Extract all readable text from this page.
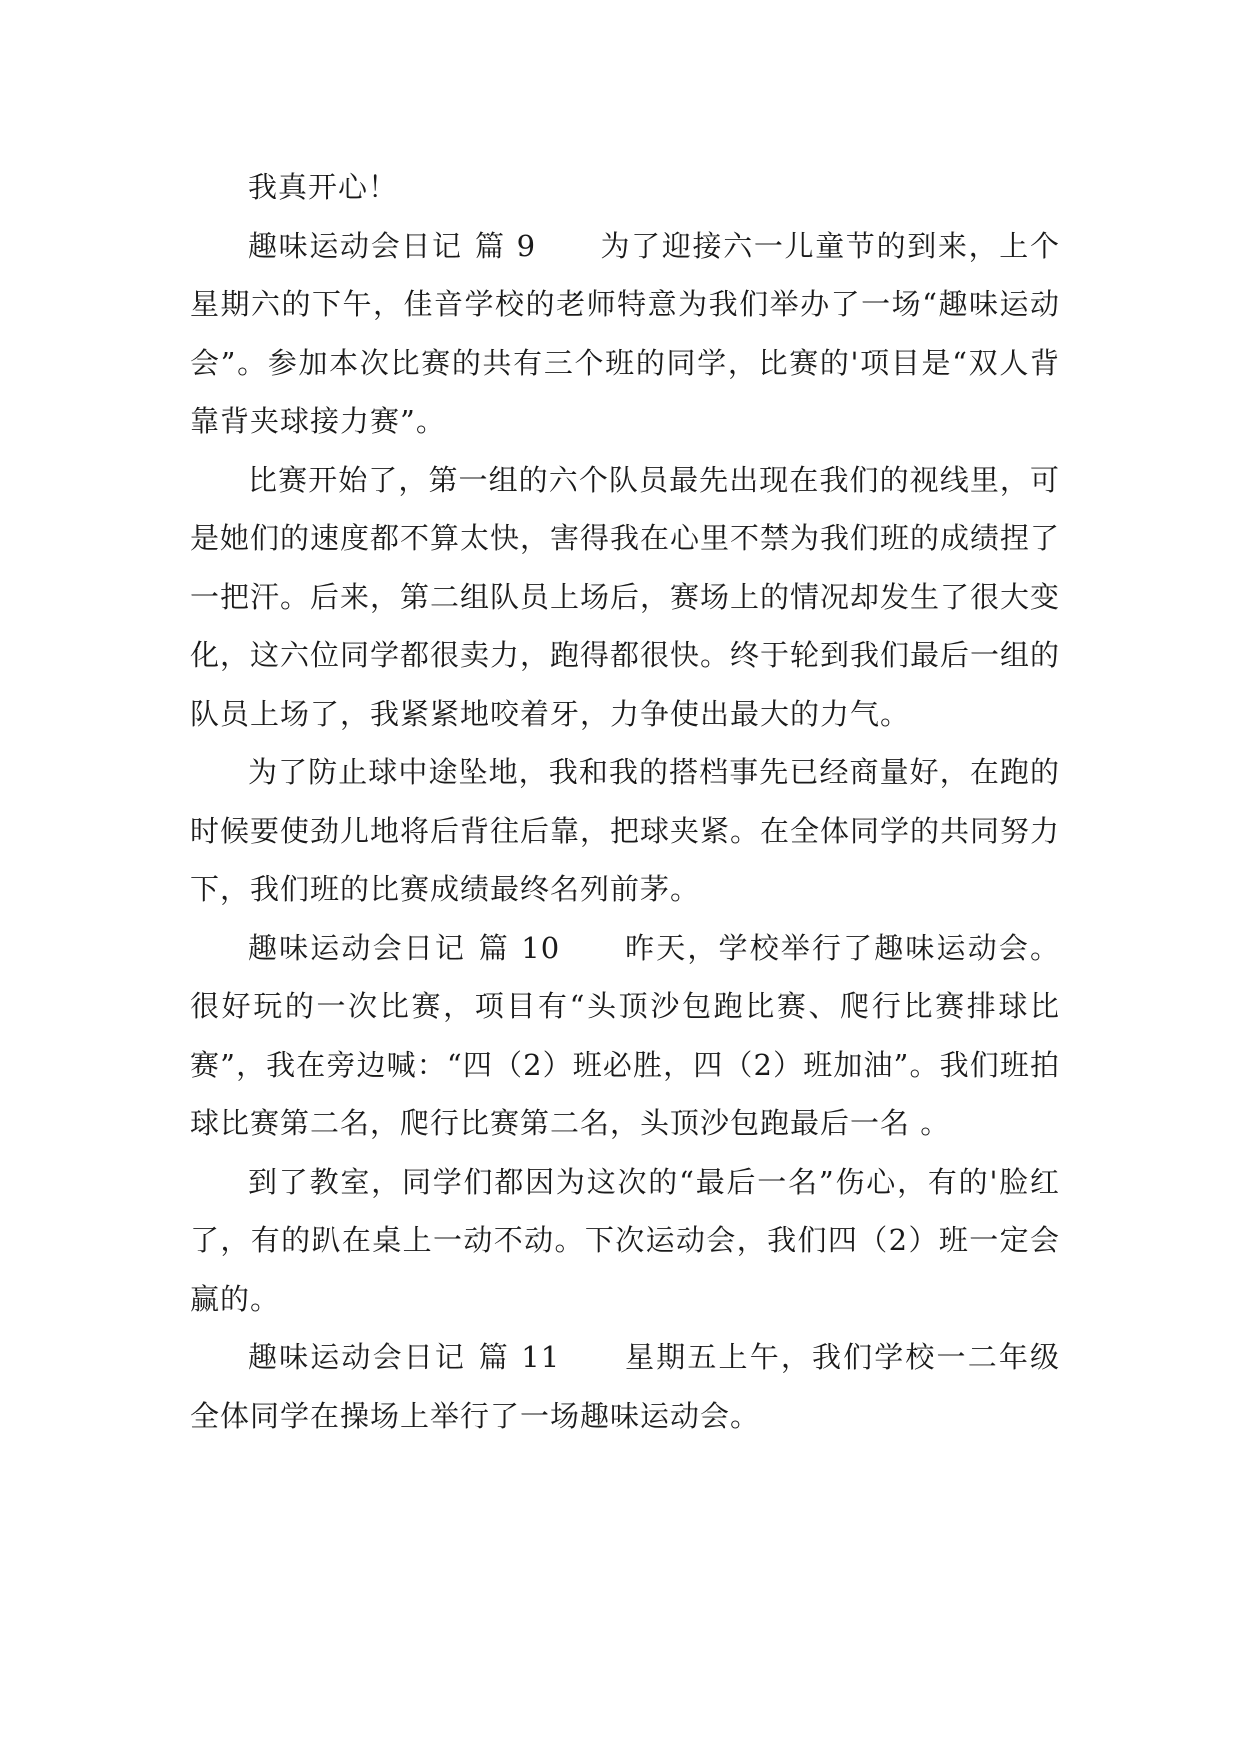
我真开心！

趣味运动会日记 篇 9 为了迎接六一儿童节的到来，上个星期六的下午，佳音学校的老师特意为我们举办了一场“趣味运动会”。参加本次比赛的共有三个班的同学，比赛的'项目是“双人背靠背夹球接力赛”。

比赛开始了，第一组的六个队员最先出现在我们的视线里，可是她们的速度都不算太快，害得我在心里不禁为我们班的成绩捏了一把汗。后来，第二组队员上场后，赛场上的情况却发生了很大变化，这六位同学都很卖力，跑得都很快。终于轮到我们最后一组的队员上场了，我紧紧地咬着牙，力争使出最大的力气。

为了防止球中途坠地，我和我的搭档事先已经商量好，在跑的时候要使劲儿地将后背往后靠，把球夹紧。在全体同学的共同努力下，我们班的比赛成绩最终名列前茅。

趣味运动会日记 篇 10 昨天，学校举行了趣味运动会。很好玩的一次比赛，项目有“头顶沙包跑比赛、爬行比赛排球比赛”，我在旁边喊：“四（2）班必胜，四（2）班加油”。我们班拍球比赛第二名，爬行比赛第二名，头顶沙包跑最后一名 。

到了教室，同学们都因为这次的“最后一名”伤心，有的'脸红了，有的趴在桌上一动不动。下次运动会，我们四（2）班一定会赢的。

趣味运动会日记 篇 11 星期五上午，我们学校一二年级全体同学在操场上举行了一场趣味运动会。
